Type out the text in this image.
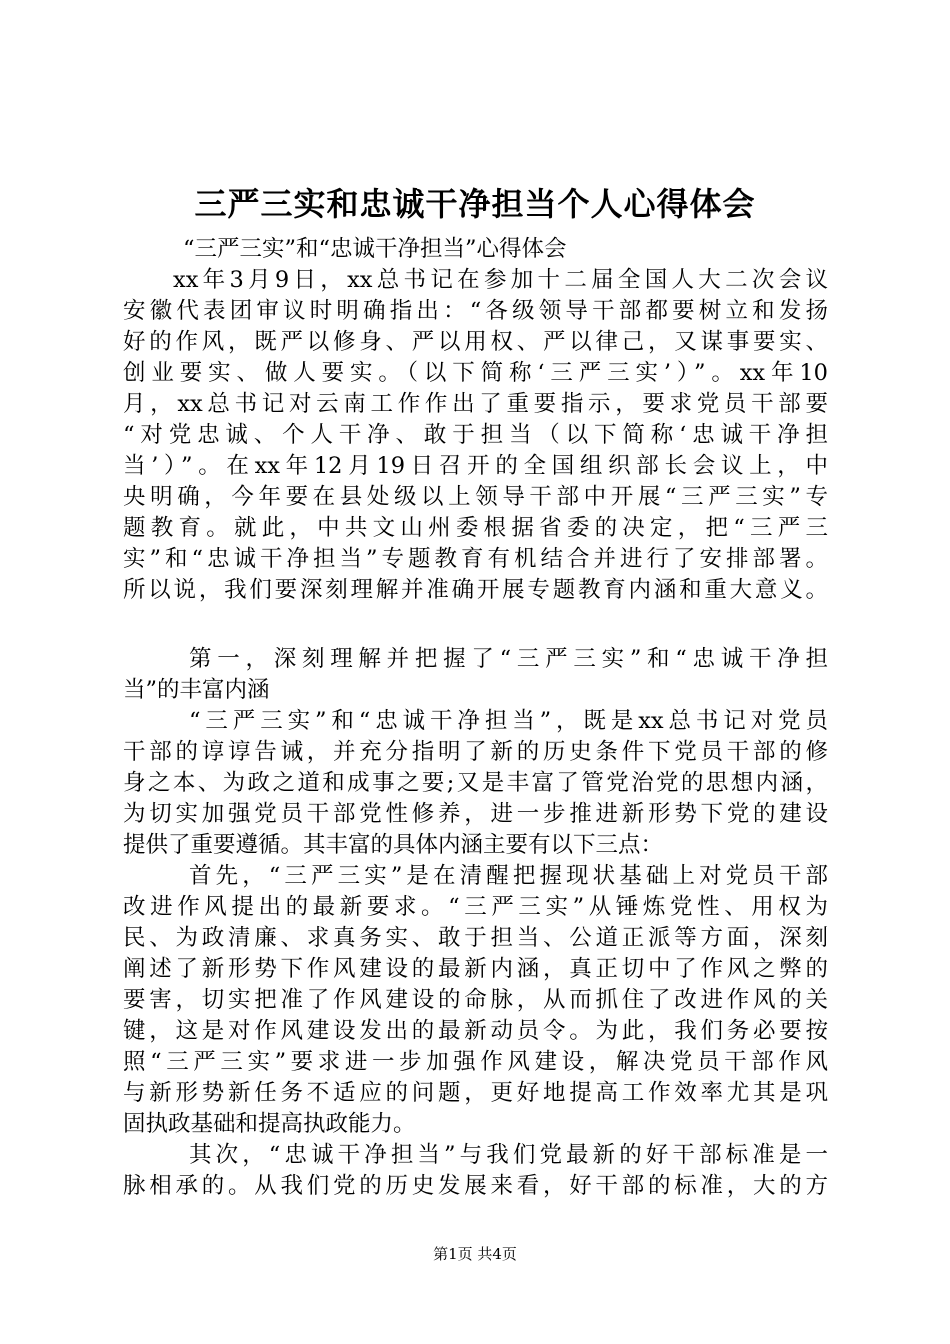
三严三实和忠诚干净担当个人心得体会
“三严三实”和“忠诚干净担当”心得体会
xx年3月9日，xx总书记在参加十二届全国人大二次会议
安徽代表团审议时明确指出：“各级领导干部都要树立和发扬
好的作风，既严以修身、严以用权、严以律己，又谋事要实、
创业要实、做人要实。（以下简称‘三严三实’）”。xx年10
月，xx总书记对云南工作作出了重要指示，要求党员干部要
“对党忠诚、个人干净、敢于担当（以下简称‘忠诚干净担
当’）”。在xx年12月19日召开的全国组织部长会议上，中
央明确，今年要在县处级以上领导干部中开展“三严三实”专
题教育。就此，中共文山州委根据省委的决定，把“三严三
实”和“忠诚干净担当”专题教育有机结合并进行了安排部署。
所以说，我们要深刻理解并准确开展专题教育内涵和重大意义。
第一，深刻理解并把握了“三严三实”和“忠诚干净担
当”的丰富内涵
“三严三实”和“忠诚干净担当”，既是xx总书记对党员
干部的谆谆告诫，并充分指明了新的历史条件下党员干部的修
身之本、为政之道和成事之要;又是丰富了管党治党的思想内涵，
为切实加强党员干部党性修养，进一步推进新形势下党的建设
提供了重要遵循。其丰富的具体内涵主要有以下三点：
首先，“三严三实”是在清醒把握现状基础上对党员干部
改进作风提出的最新要求。“三严三实”从锤炼党性、用权为
民、为政清廉、求真务实、敢于担当、公道正派等方面，深刻
阐述了新形势下作风建设的最新内涵，真正切中了作风之弊的
要害，切实把准了作风建设的命脉，从而抓住了改进作风的关
键，这是对作风建设发出的最新动员令。为此，我们务必要按
照“三严三实”要求进一步加强作风建设，解决党员干部作风
与新形势新任务不适应的问题，更好地提高工作效率尤其是巩
固执政基础和提高执政能力。
其次，“忠诚干净担当”与我们党最新的好干部标准是一
脉相承的。从我们党的历史发展来看，好干部的标准，大的方
第1页 共4页
